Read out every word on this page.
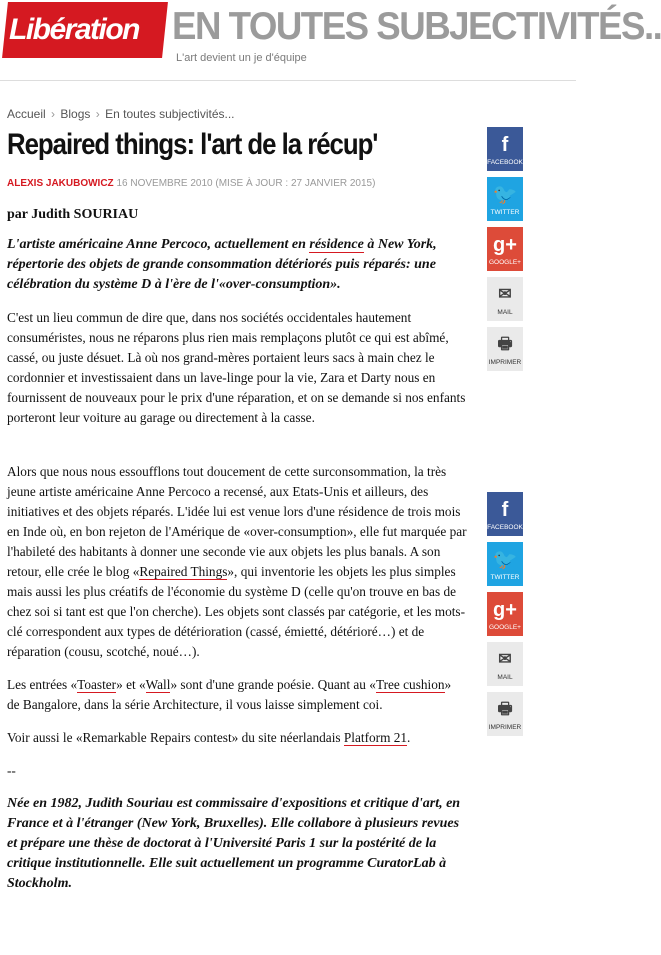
Libération EN TOUTES SUBJECTIVITÉS..
L'art devient un je d'équipe
Accueil › Blogs › En toutes subjectivités...
Repaired things: l'art de la récup'
ALEXIS JAKUBOWICZ 16 NOVEMBRE 2010 (MISE À JOUR : 27 JANVIER 2015)

par Judith SOURIAU

L'artiste américaine Anne Percoco, actuellement en résidence à New York, répertorie des objets de grande consommation détériorés puis réparés: une célébration du système D à l'ère de l'«over-consumption».

C'est un lieu commun de dire que, dans nos sociétés occidentales hautement consuméristes, nous ne réparons plus rien mais remplaçons plutôt ce qui est abîmé, cassé, ou juste désuet. Là où nos grand-mères portaient leurs sacs à main chez le cordonnier et investissaient dans un lave-linge pour la vie, Zara et Darty nous en fournissent de nouveaux pour le prix d'une réparation, et on se demande si nos enfants porteront leur voiture au garage ou directement à la casse.

Alors que nous nous essoufflons tout doucement de cette surconsommation, la très jeune artiste américaine Anne Percoco a recensé, aux Etats-Unis et ailleurs, des initiatives et des objets réparés. L'idée lui est venue lors d'une résidence de trois mois en Inde où, en bon rejeton de l'Amérique de «over-consumption», elle fut marquée par l'habileté des habitants à donner une seconde vie aux objets les plus banals. A son retour, elle crée le blog «Repaired Things», qui inventorie les objets les plus simples mais aussi les plus créatifs de l'économie du système D (celle qu'on trouve en bas de chez soi si tant est que l'on cherche). Les objets sont classés par catégorie, et les mots-clé correspondent aux types de détérioration (cassé, émietté, détérioré…) et de réparation (cousu, scotché, noué…).

Les entrées «Toaster» et «Wall» sont d'une grande poésie. Quant au «Tree cushion» de Bangalore, dans la série Architecture, il vous laisse simplement coi.

Voir aussi le «Remarkable Repairs contest» du site néerlandais Platform 21.

--

Née en 1982, Judith Souriau est commissaire d'expositions et critique d'art, en France et à l'étranger (New York, Bruxelles). Elle collabore à plusieurs revues et prépare une thèse de doctorat à l'Université Paris 1 sur la postérité de la critique institutionnelle. Elle suit actuellement un programme CuratorLab à Stockholm.

f
FACEBOOK
🐦
TWITTER
g+
GOOGLE+
✉
MAIL
🖶
IMPRIMER
f
FACEBOOK
🐦
TWITTER
g+
GOOGLE+
✉
MAIL
🖶
IMPRIMER
